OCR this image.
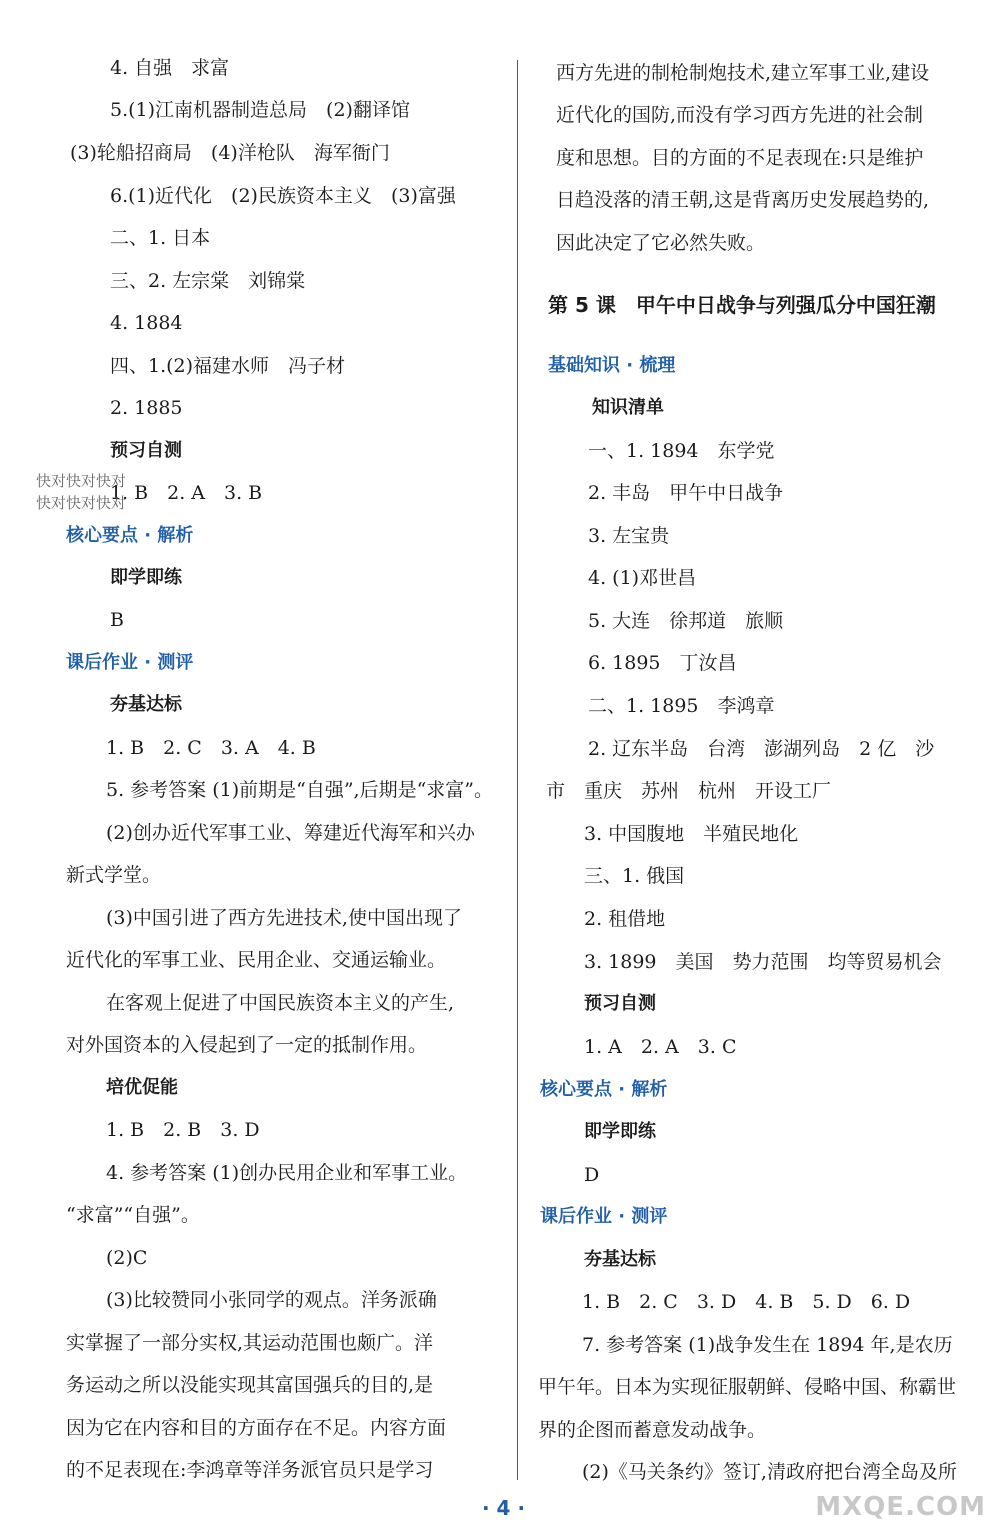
4. 自强　求富
5.(1)江南机器制造总局　(2)翻译馆
(3)轮船招商局　(4)洋枪队　海军衙门
6.(1)近代化　(2)民族资本主义　(3)富强
二、1. 日本
三、2. 左宗棠　刘锦棠
4. 1884
四、1.(2)福建水师　冯子材
2. 1885
预习自测
1. B　2. A　3. B
核心要点 · 解析
即学即练
B
课后作业 · 测评
夯基达标
1. B　2. C　3. A　4. B
5. 参考答案 (1)前期是“自强”,后期是“求富”。
(2)创办近代军事工业、筹建近代海军和兴办
新式学堂。
(3)中国引进了西方先进技术,使中国出现了
近代化的军事工业、民用企业、交通运输业。
在客观上促进了中国民族资本主义的产生,
对外国资本的入侵起到了一定的抵制作用。
培优促能
1. B　2. B　3. D
4. 参考答案 (1)创办民用企业和军事工业。
“求富”“自强”。
(2)C
(3)比较赞同小张同学的观点。洋务派确
实掌握了一部分实权,其运动范围也颇广。洋
务运动之所以没能实现其富国强兵的目的,是
因为它在内容和目的方面存在不足。内容方面
的不足表现在:李鸿章等洋务派官员只是学习
西方先进的制枪制炮技术,建立军事工业,建设
近代化的国防,而没有学习西方先进的社会制
度和思想。目的方面的不足表现在:只是维护
日趋没落的清王朝,这是背离历史发展趋势的,
因此决定了它必然失败。
第 5 课　甲午中日战争与列强瓜分中国狂潮
基础知识 · 梳理
知识清单
一、1. 1894　东学党
2. 丰岛　甲午中日战争
3. 左宝贵
4. (1)邓世昌
5. 大连　徐邦道　旅顺
6. 1895　丁汝昌
二、1. 1895　李鸿章
2. 辽东半岛　台湾　澎湖列岛　2 亿　沙
市　重庆　苏州　杭州　开设工厂
3. 中国腹地　半殖民地化
三、1. 俄国
2. 租借地
3. 1899　美国　势力范围　均等贸易机会
预习自测
1. A　2. A　3. C
核心要点 · 解析
即学即练
D
课后作业 · 测评
夯基达标
1. B　2. C　3. D　4. B　5. D　6. D
7. 参考答案 (1)战争发生在 1894 年,是农历
甲午年。日本为实现征服朝鲜、侵略中国、称霸世
界的企图而蓄意发动战争。
(2)《马关条约》签订,清政府把台湾全岛及所
快对快对快对
快对快对快对
· 4 ·	MXQE.COM
